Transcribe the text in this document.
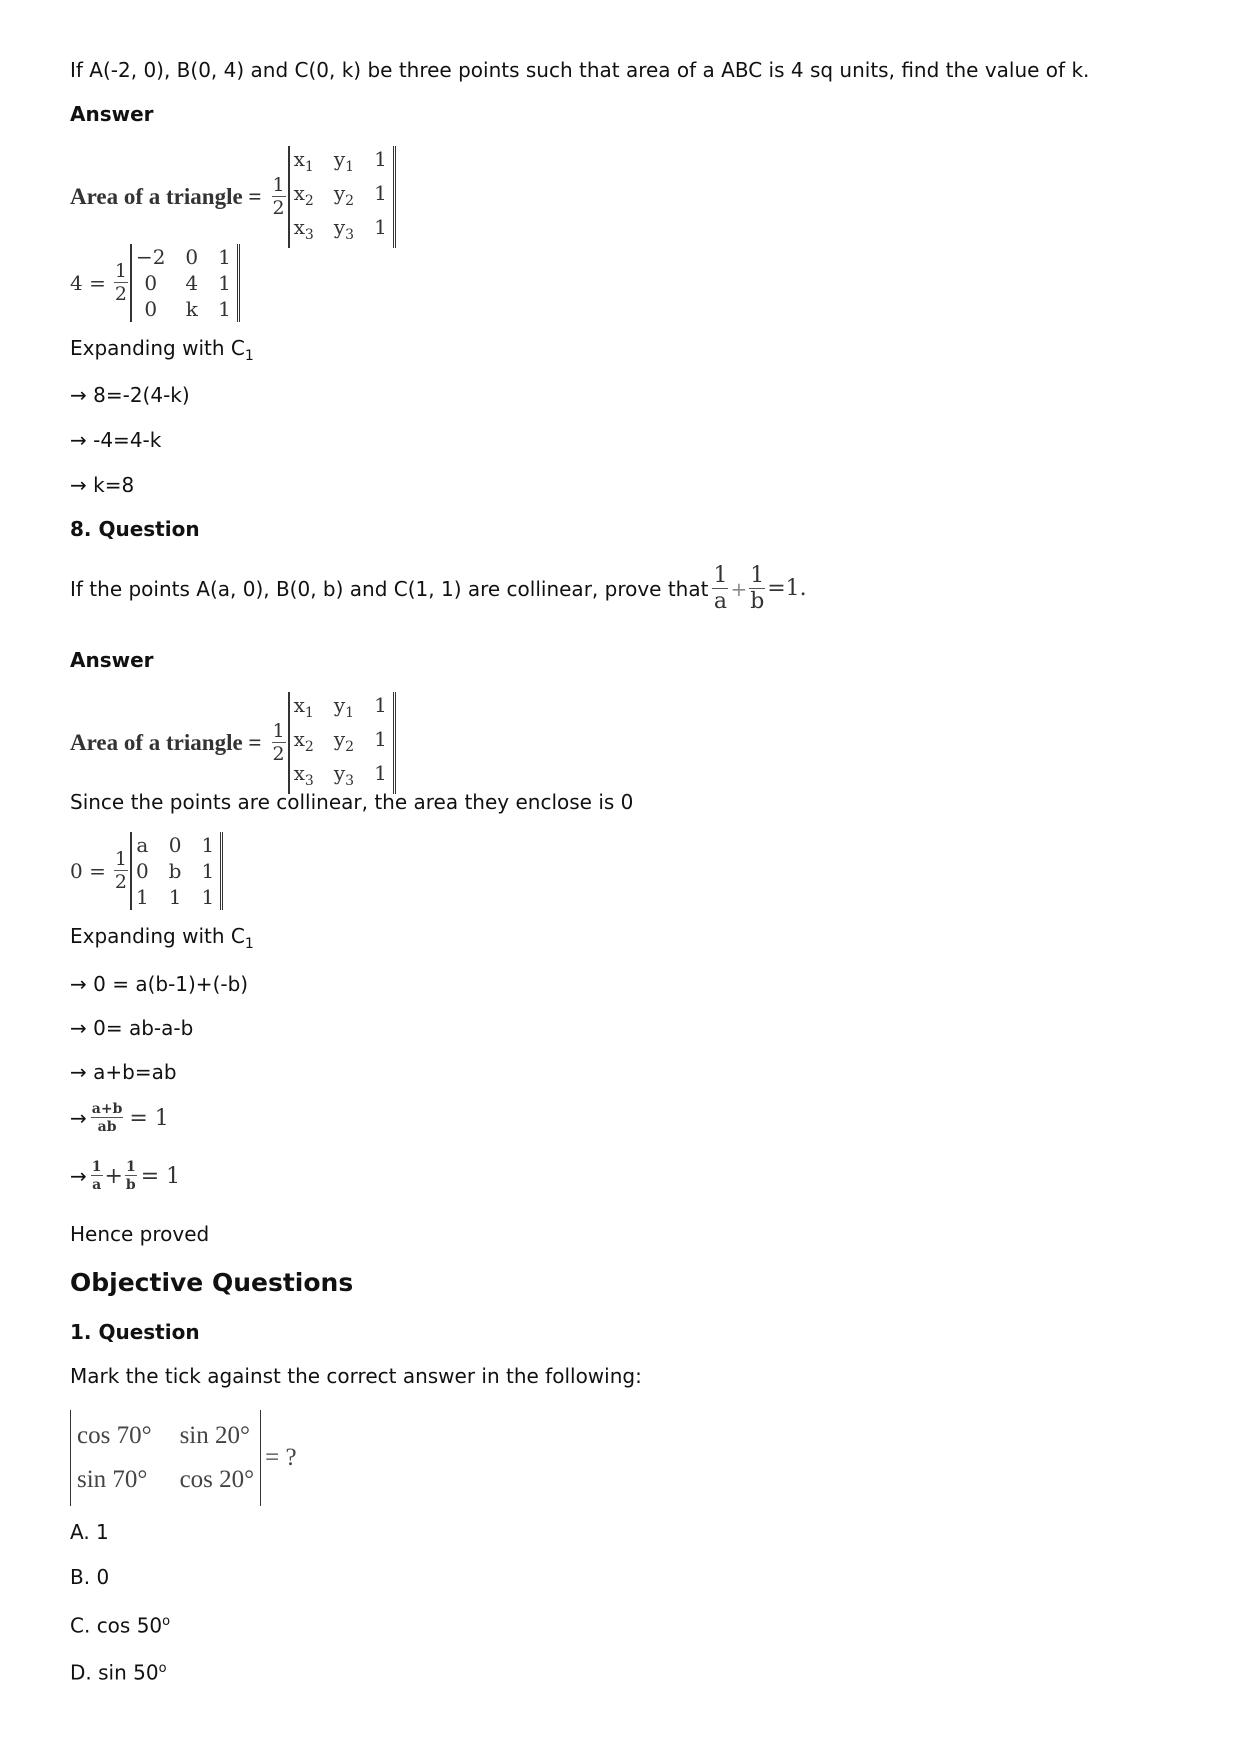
If A(-2, 0), B(0, 4) and C(0, k) be three points such that area of a ABC is 4 sq units, find the value of k.
Answer
Area of a triangle = $\frac{1}{2}$
$x_1$ $y_1$ 1
$x_2$ $y_2$ 1
$x_3$ $y_3$ 1
$4 = \frac{1}{2}$
−2 0 1
0	4 1
0	k 1
Expanding with $C_1$
→ 8=-2(4-k)
→ -4=4-k
→ k=8
8. Question
If the points A(a, 0), B(0, b) and C(1, 1) are collinear, prove that $\frac{1}{a} + \frac{1}{b} =1$.
Answer
Area of a triangle = $\frac{1}{2}$
$x_1$ $y_1$ 1
$x_2$ $y_2$ 1
$x_3$ $y_3$ 1
Since the points are collinear, the area they enclose is 0
$0 = \frac{1}{2}$
a 0 1
0 b 1
1 1 1
Expanding with $C_1$
→ 0 = a(b-1)+(-b)
→ 0= ab-a-b
→ a+b=ab
→ $\frac{a+b}{ab} = 1$
→ $\frac{1}{a} + \frac{1}{b} = 1$
Hence proved
Objective Questions
1. Question
Mark the tick against the correct answer in the following:
cos 70° sin 20°
sin 70° cos 20°
= ?
A. 1
B. 0
C. cos 50$^o$
D. sin 50$^o$
